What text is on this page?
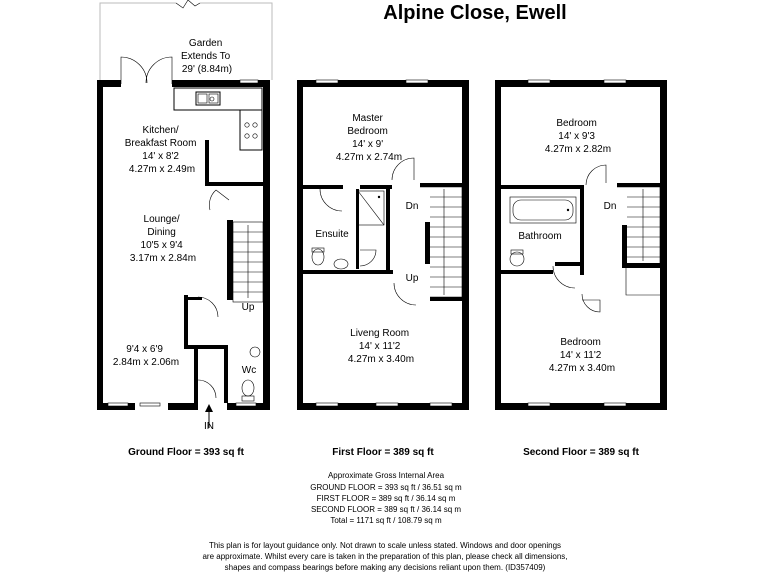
Alpine Close, Ewell
Garden Extends To 29' (8.84m)
Kitchen/ Breakfast Room 14' x 8'2 4.27m x 2.49m
Lounge/ Dining 10'5 x 9'4 3.17m x 2.84m
9'4 x 6'9 2.84m x 2.06m
Up
Wc
IN
Ground Floor = 393 sq ft
Master Bedroom 14' x 9' 4.27m x 2.74m
Ensuite
Dn
Up
Liveng Room 14' x 11'2 4.27m x 3.40m
First Floor = 389 sq ft
Bedroom 14' x 9'3 4.27m x 2.82m
Bathroom
Dn
Bedroom 14' x 11'2 4.27m x 3.40m
Second Floor = 389 sq ft
Approximate Gross Internal Area
GROUND FLOOR = 393 sq ft / 36.51 sq m
FIRST FLOOR = 389 sq ft / 36.14 sq m
SECOND FLOOR = 389 sq ft / 36.14 sq m
Total = 1171 sq ft / 108.79 sq m
This plan is for layout guidance only. Not drawn to scale unless stated. Windows and door openings
are approximate. Whilst every care is taken in the preparation of this plan, please check all dimensions,
shapes and compass bearings before making any decisions reliant upon them. (ID357409)
